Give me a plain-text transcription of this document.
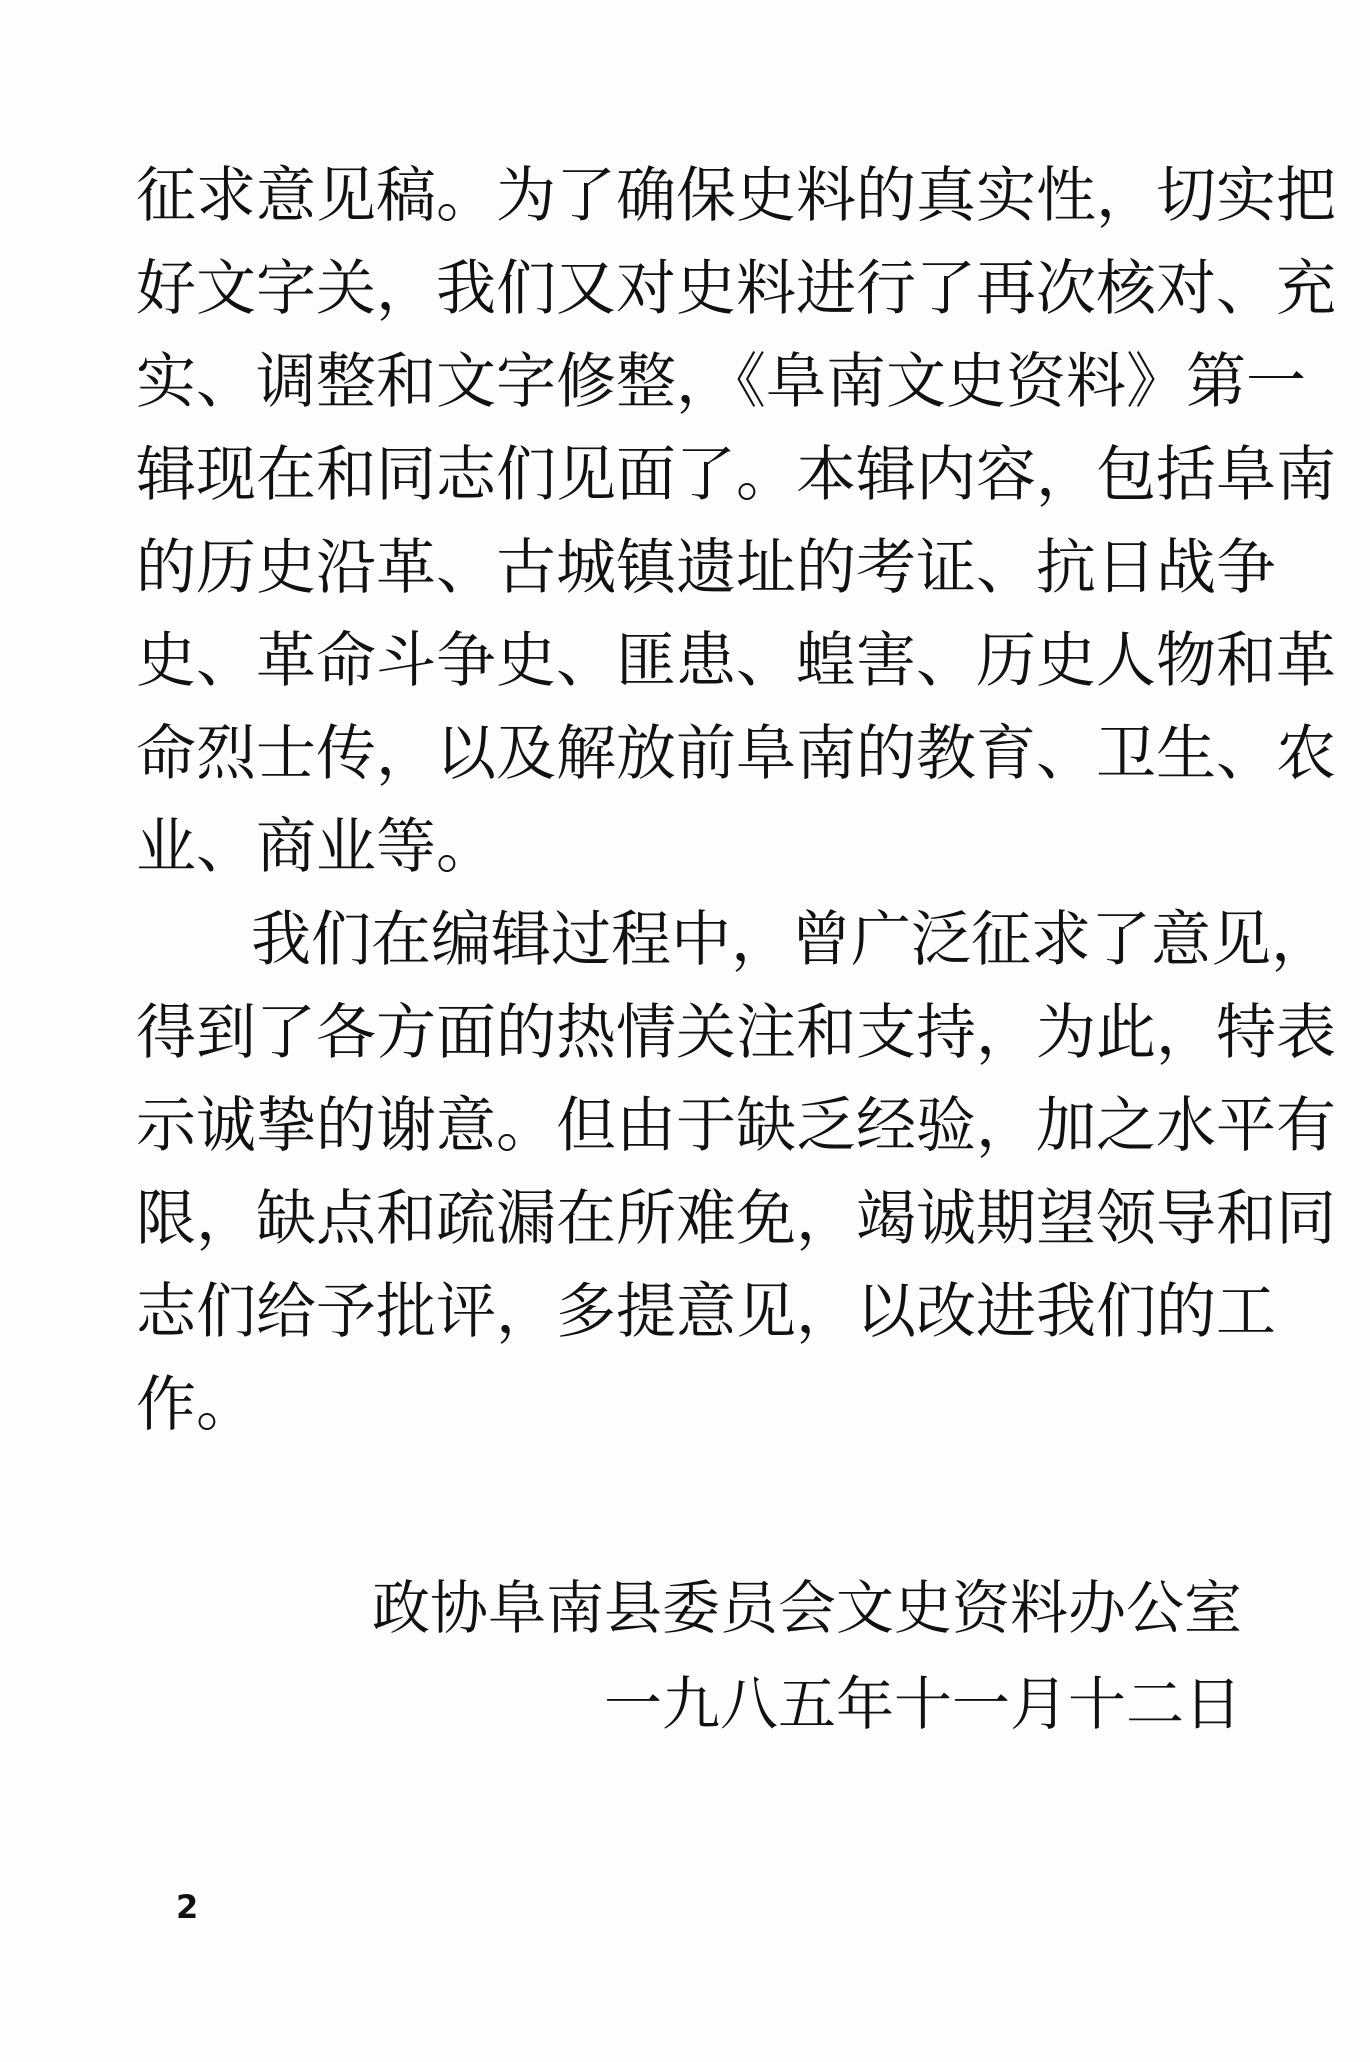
征求意见稿。为了确保史料的真实性，切实把
好文字关，我们又对史料进行了再次核对、充
实、调整和文字修整，《阜南文史资料》第一
辑现在和同志们见面了。本辑内容，包括阜南
的历史沿革、古城镇遗址的考证、抗日战争
史、革命斗争史、匪患、蝗害、历史人物和革
命烈士传，以及解放前阜南的教育、卫生、农
业、商业等。
我们在编辑过程中，曾广泛征求了意见，
得到了各方面的热情关注和支持，为此，特表
示诚挚的谢意。但由于缺乏经验，加之水平有
限，缺点和疏漏在所难免，竭诚期望领导和同
志们给予批评，多提意见，以改进我们的工
作。
政协阜南县委员会文史资料办公室
一九八五年十一月十二日
2
